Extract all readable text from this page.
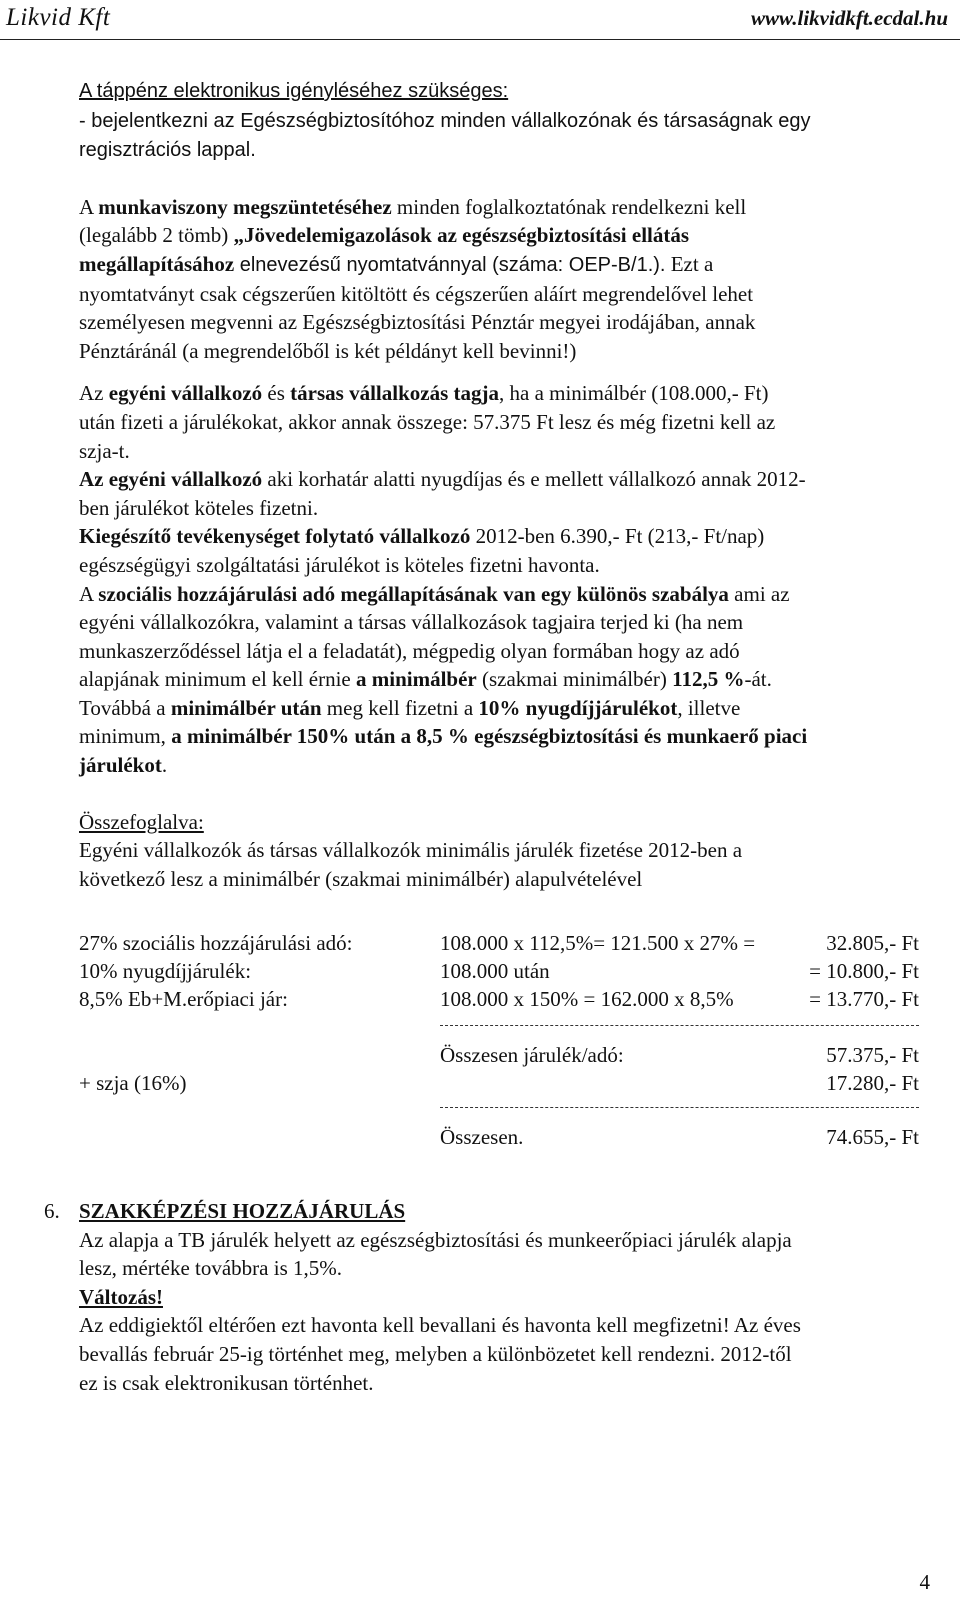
Likvid Kft	www.likvidkft.ecdal.hu

A táppénz elektronikus igényléséhez szükséges:
- bejelentkezni az Egészségbiztosítóhoz minden vállalkozónak és társaságnak egy
regisztrációs lappal.

A munkaviszony megszüntetéséhez minden foglalkoztatónak rendelkezni kell
(legalább 2 tömb) „Jövedelemigazolások az egészségbiztosítási ellátás
megállapításához elnevezésű nyomtatvánnyal (száma: OEP-B/1.). Ezt a
nyomtatványt csak cégszerűen kitöltött és cégszerűen aláírt megrendelővel lehet
személyesen megvenni az Egészségbiztosítási Pénztár megyei irodájában, annak
Pénztáránál (a megrendelőből is két példányt kell bevinni!)

Az egyéni vállalkozó és társas vállalkozás tagja, ha a minimálbér (108.000,- Ft)
után fizeti a járulékokat, akkor annak összege: 57.375 Ft lesz és még fizetni kell az
szja-t.

Az egyéni vállalkozó aki korhatár alatti nyugdíjas és e mellett vállalkozó annak 2012-
ben járulékot köteles fizetni.

Kiegészítő tevékenységet folytató vállalkozó 2012-ben 6.390,- Ft (213,- Ft/nap)
egészségügyi szolgáltatási járulékot is köteles fizetni havonta.

A szociális hozzájárulási adó megállapításának van egy különös szabálya ami az
egyéni vállalkozókra, valamint a társas vállalkozások tagjaira terjed ki (ha nem
munkaszerződéssel látja el a feladatát), mégpedig olyan formában hogy az adó
alapjának minimum el kell érnie a minimálbér (szakmai minimálbér) 112,5 %-át.
Továbbá a minimálbér után meg kell fizetni a 10% nyugdíjjárulékot, illetve
minimum, a minimálbér 150% után a 8,5 % egészségbiztosítási és munkaerő piaci
járulékot.

Összefoglalva:
Egyéni vállalkozók ás társas vállalkozók minimális járulék fizetése 2012-ben a
következő lesz a minimálbér (szakmai minimálbér) alapulvételével

27% szociális hozzájárulási adó:	108.000 x 112,5%= 121.500 x 27% =	32.805,- Ft
10% nyugdíjjárulék:	108.000 után	= 10.800,- Ft
8,5% Eb+M.erőpiaci jár:	108.000 x 150% = 162.000 x 8,5%	= 13.770,- Ft
Összesen járulék/adó:	57.375,- Ft
+ szja (16%)	17.280,- Ft
Összesen.	74.655,- Ft
6. SZAKKÉPZÉSI HOZZÁJÁRULÁS
Az alapja a TB járulék helyett az egészségbiztosítási és munkeerőpiaci járulék alapja
lesz, mértéke továbbra is 1,5%.
Változás!
Az eddigiektől eltérően ezt havonta kell bevallani és havonta kell megfizetni! Az éves
bevallás február 25-ig történhet meg, melyben a különbözetet kell rendezni. 2012-től
ez is csak elektronikusan történhet.

4
